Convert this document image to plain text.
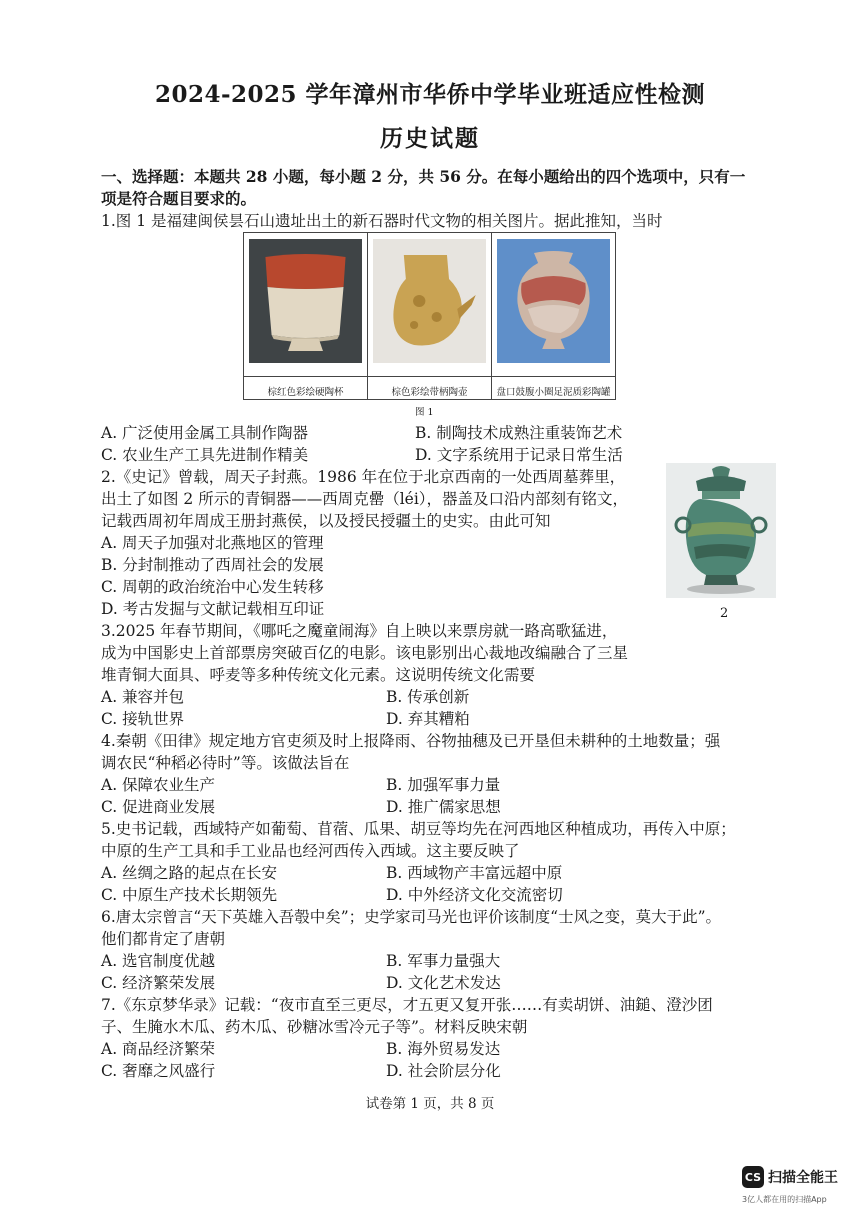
2024-2025 学年漳州市华侨中学毕业班适应性检测
历史试题
一、选择题：本题共 28 小题，每小题 2 分，共 56 分。在每小题给出的四个选项中，只有一
项是符合题目要求的。
1.图 1 是福建闽侯昙石山遗址出土的新石器时代文物的相关图片。据此推知，当时
棕红色彩绘硬陶杯	棕色彩绘带柄陶壶	盘口鼓腹小圈足泥质彩陶罐
图 1
A. 广泛使用金属工具制作陶器	B. 制陶技术成熟注重装饰艺术
C. 农业生产工具先进制作精美	D. 文字系统用于记录日常生活
2.《史记》曾载，周天子封燕。1986 年在位于北京西南的一处西周墓葬里，
出土了如图 2 所示的青铜器——西周克罍（léi），器盖及口沿内部刻有铭文，
记载西周初年周成王册封燕侯，以及授民授疆土的史实。由此可知
A. 周天子加强对北燕地区的管理
B. 分封制推动了西周社会的发展
C. 周朝的政治统治中心发生转移
D. 考古发掘与文献记载相互印证	2
3.2025 年春节期间，《哪吒之魔童闹海》自上映以来票房就一路高歌猛进，
成为中国影史上首部票房突破百亿的电影。该电影别出心裁地改编融合了三星
堆青铜大面具、呼麦等多种传统文化元素。这说明传统文化需要
A. 兼容并包	B. 传承创新
C. 接轨世界	D. 弃其糟粕
4.秦朝《田律》规定地方官吏须及时上报降雨、谷物抽穗及已开垦但未耕种的土地数量；强
调农民“种稻必待时”等。该做法旨在
A. 保障农业生产	B. 加强军事力量
C. 促进商业发展	D. 推广儒家思想
5.史书记载，西域特产如葡萄、苜蓿、瓜果、胡豆等均先在河西地区种植成功，再传入中原；
中原的生产工具和手工业品也经河西传入西域。这主要反映了
A. 丝绸之路的起点在长安	B. 西域物产丰富远超中原
C. 中原生产技术长期领先	D. 中外经济文化交流密切
6.唐太宗曾言“天下英雄入吾彀中矣”；史学家司马光也评价该制度“士风之变，莫大于此”。
他们都肯定了唐朝
A. 选官制度优越	B. 军事力量强大
C. 经济繁荣发展	D. 文化艺术发达
7.《东京梦华录》记载：“夜市直至三更尽，才五更又复开张……有卖胡饼、油鎚、澄沙团
子、生腌水木瓜、药木瓜、砂糖冰雪冷元子等”。材料反映宋朝
A. 商品经济繁荣	B. 海外贸易发达
C. 奢靡之风盛行	D. 社会阶层分化
试卷第 1 页，共 8 页
CS 扫描全能王
3亿人都在用的扫描App
